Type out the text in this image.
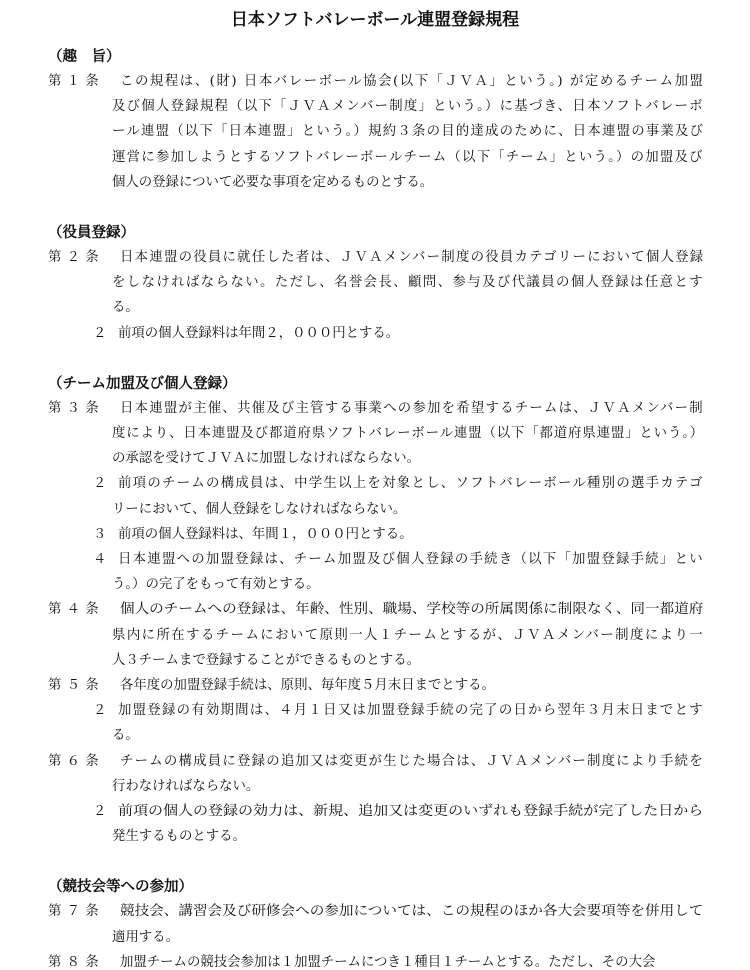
日本ソフトバレーボール連盟登録規程
（趣　旨）
第 １ 条 この規程は、(財) 日本バレーボール協会(以下「ＪＶＡ」という。) が定めるチーム加盟
及び個人登録規程（以下「ＪＶＡメンバー制度」という。）に基づき、日本ソフトバレーボ
ール連盟（以下「日本連盟」という。）規約３条の目的達成のために、日本連盟の事業及び
運営に参加しようとするソフトバレーボールチーム（以下「チーム」という。）の加盟及び
個人の登録について必要な事項を定めるものとする。
（役員登録）
第 ２ 条 日本連盟の役員に就任した者は、ＪＶＡメンバー制度の役員カテゴリーにおいて個人登録
をしなければならない。ただし、名誉会長、顧問、参与及び代議員の個人登録は任意とす
る。
２ 前項の個人登録料は年間２，０００円とする。
（チーム加盟及び個人登録）
第 ３ 条 日本連盟が主催、共催及び主管する事業への参加を希望するチームは、ＪＶＡメンバー制
度により、日本連盟及び都道府県ソフトバレーボール連盟（以下「都道府県連盟」という。）
の承認を受けてＪＶＡに加盟しなければならない。
２ 前項のチームの構成員は、中学生以上を対象とし、ソフトバレーボール種別の選手カテゴ
リーにおいて、個人登録をしなければならない。
３ 前項の個人登録料は、年間１，０００円とする。
４ 日本連盟への加盟登録は、チーム加盟及び個人登録の手続き（以下「加盟登録手続」とい
う。）の完了をもって有効とする。
第 ４ 条 個人のチームへの登録は、年齢、性別、職場、学校等の所属関係に制限なく、同一都道府
県内に所在するチームにおいて原則一人１チームとするが、ＪＶＡメンバー制度により一
人３チームまで登録することができるものとする。
第 ５ 条 各年度の加盟登録手続は、原則、毎年度５月末日までとする。
２ 加盟登録の有効期間は、４月１日又は加盟登録手続の完了の日から翌年３月末日までとす
る。
第 ６ 条 チームの構成員に登録の追加又は変更が生じた場合は、ＪＶＡメンバー制度により手続を
行わなければならない。
２ 前項の個人の登録の効力は、新規、追加又は変更のいずれも登録手続が完了した日から
発生するものとする。
（競技会等への参加）
第 ７ 条 競技会、講習会及び研修会への参加については、この規程のほか各大会要項等を併用して
適用する。
第 ８ 条 加盟チームの競技会参加は１加盟チームにつき１種目１チームとする。ただし、その大会
